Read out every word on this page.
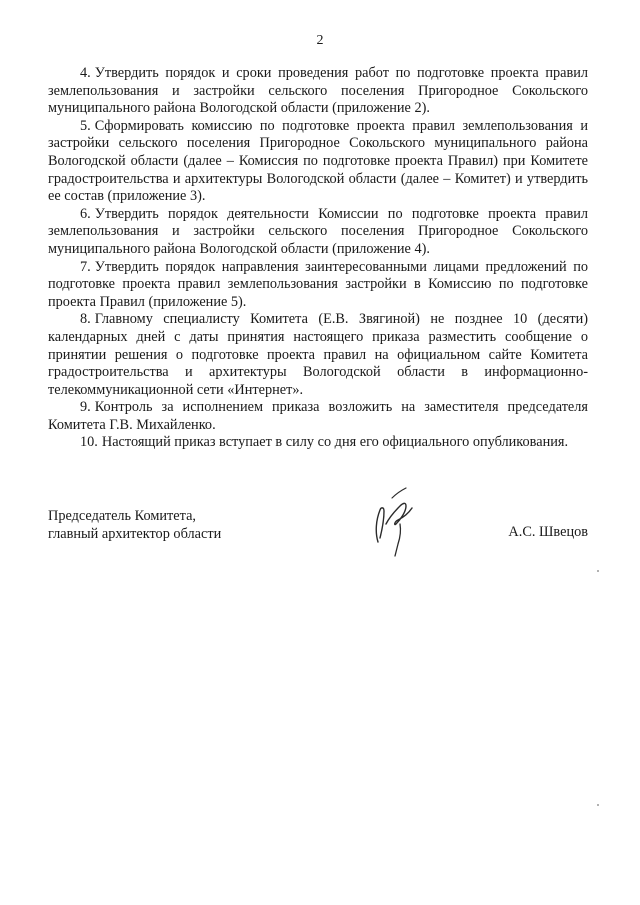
2

4. Утвердить порядок и сроки проведения работ по подготовке проекта правил землепользования и застройки сельского поселения Пригородное Сокольского муниципального района Вологодской области (приложение 2).

5. Сформировать комиссию по подготовке проекта правил землепользования и застройки сельского поселения Пригородное Сокольского муниципального района Вологодской области (далее – Комиссия по подготовке проекта Правил) при Комитете градостроительства и архитектуры Вологодской области (далее – Комитет) и утвердить ее состав (приложение 3).

6. Утвердить порядок деятельности Комиссии по подготовке проекта правил землепользования и застройки сельского поселения Пригородное Сокольского муниципального района Вологодской области (приложение 4).

7. Утвердить порядок направления заинтересованными лицами предложений по подготовке проекта правил землепользования застройки в Комиссию по подготовке проекта Правил (приложение 5).

8. Главному специалисту Комитета (Е.В. Звягиной) не позднее 10 (десяти) календарных дней с даты принятия настоящего приказа разместить сообщение о принятии решения о подготовке проекта правил на официальном сайте Комитета градостроительства и архитектуры Вологодской области в информационно-телекоммуникационной сети «Интернет».

9. Контроль за исполнением приказа возложить на заместителя председателя Комитета Г.В. Михайленко.

10. Настоящий приказ вступает в силу со дня его официального опубликования.

Председатель Комитета,
главный архитектор области	А.С. Швецов
